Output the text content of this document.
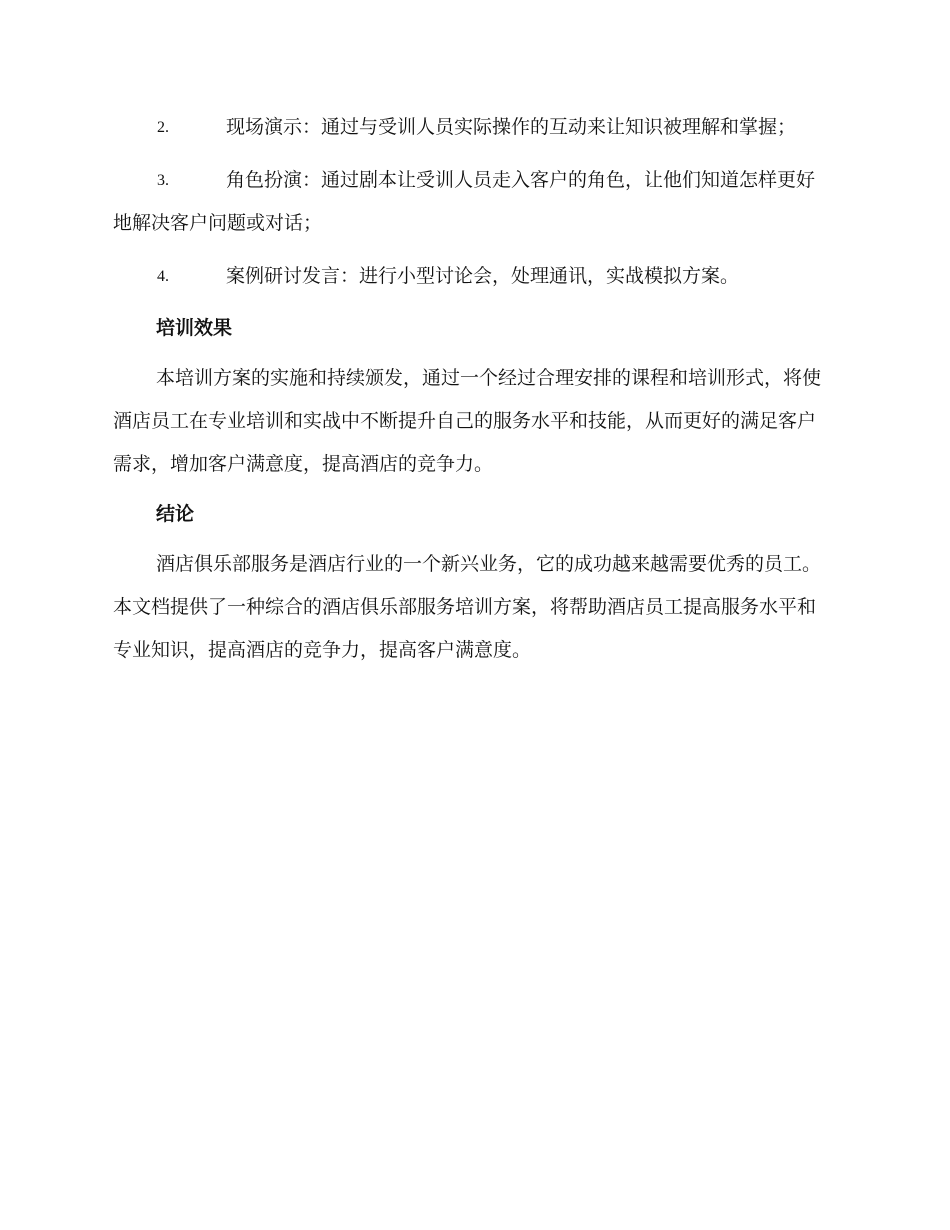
2.	现场演示：通过与受训人员实际操作的互动来让知识被理解和掌握；
3.	角色扮演：通过剧本让受训人员走入客户的角色，让他们知道怎样更好地解决客户问题或对话；
4.	案例研讨发言：进行小型讨论会，处理通讯，实战模拟方案。
培训效果

本培训方案的实施和持续颁发，通过一个经过合理安排的课程和培训形式，将使酒店员工在专业培训和实战中不断提升自己的服务水平和技能，从而更好的满足客户需求，增加客户满意度，提高酒店的竞争力。

结论

酒店俱乐部服务是酒店行业的一个新兴业务，它的成功越来越需要优秀的员工。本文档提供了一种综合的酒店俱乐部服务培训方案，将帮助酒店员工提高服务水平和专业知识，提高酒店的竞争力，提高客户满意度。
